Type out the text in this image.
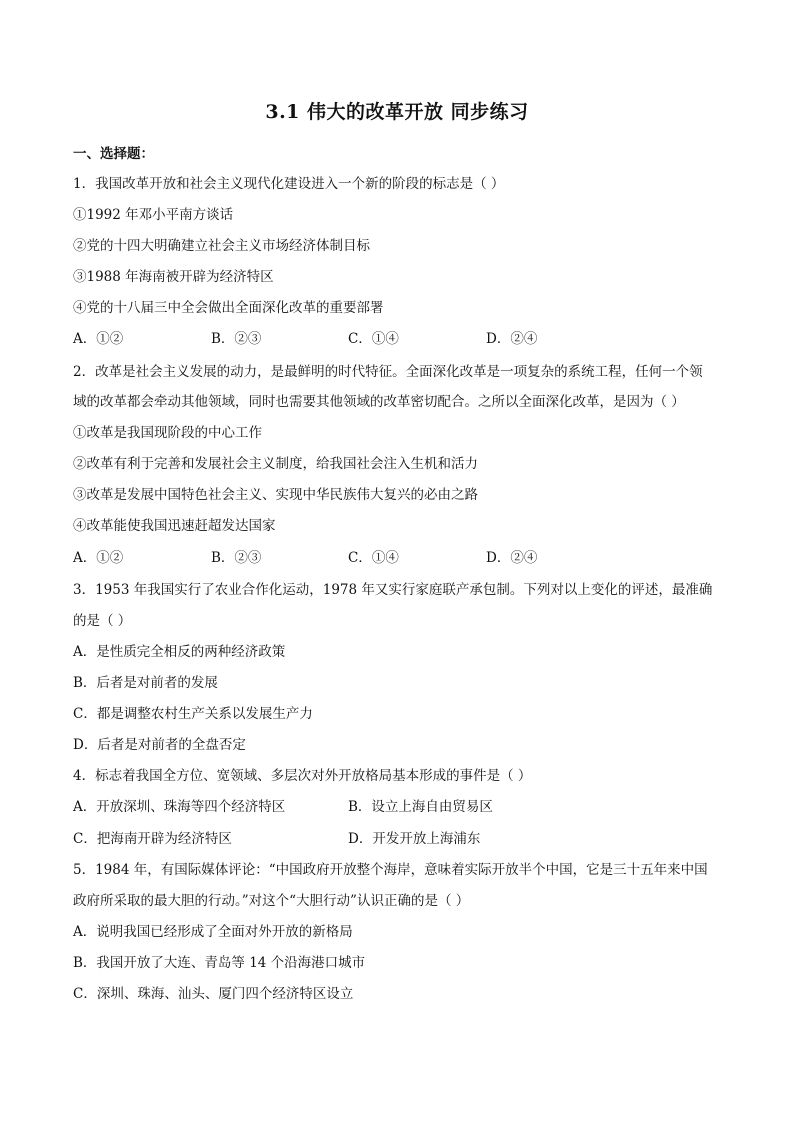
3.1 伟大的改革开放 同步练习
一、选择题：
1．我国改革开放和社会主义现代化建设进入一个新的阶段的标志是（ ）
①1992 年邓小平南方谈话
②党的十四大明确建立社会主义市场经济体制目标
③1988 年海南被开辟为经济特区
④党的十八届三中全会做出全面深化改革的重要部署
A．①②	B．②③	C．①④	D．②④
2．改革是社会主义发展的动力，是最鲜明的时代特征。全面深化改革是一项复杂的系统工程，任何一个领
域的改革都会牵动其他领域，同时也需要其他领域的改革密切配合。之所以全面深化改革，是因为（ ）
①改革是我国现阶段的中心工作
②改革有利于完善和发展社会主义制度，给我国社会注入生机和活力
③改革是发展中国特色社会主义、实现中华民族伟大复兴的必由之路
④改革能使我国迅速赶超发达国家
A．①②	B．②③	C．①④	D．②④
3．1953 年我国实行了农业合作化运动，1978 年又实行家庭联产承包制。下列对以上变化的评述，最准确
的是（ ）
A．是性质完全相反的两种经济政策
B．后者是对前者的发展
C．都是调整农村生产关系以发展生产力
D．后者是对前者的全盘否定
4．标志着我国全方位、宽领域、多层次对外开放格局基本形成的事件是（ ）
A．开放深圳、珠海等四个经济特区	B．设立上海自由贸易区
C．把海南开辟为经济特区	D．开发开放上海浦东
5．1984 年，有国际媒体评论：“中国政府开放整个海岸，意味着实际开放半个中国，它是三十五年来中国
政府所采取的最大胆的行动。”对这个“大胆行动”认识正确的是（ ）
A．说明我国已经形成了全面对外开放的新格局
B．我国开放了大连、青岛等 14 个沿海港口城市
C．深圳、珠海、汕头、厦门四个经济特区设立
